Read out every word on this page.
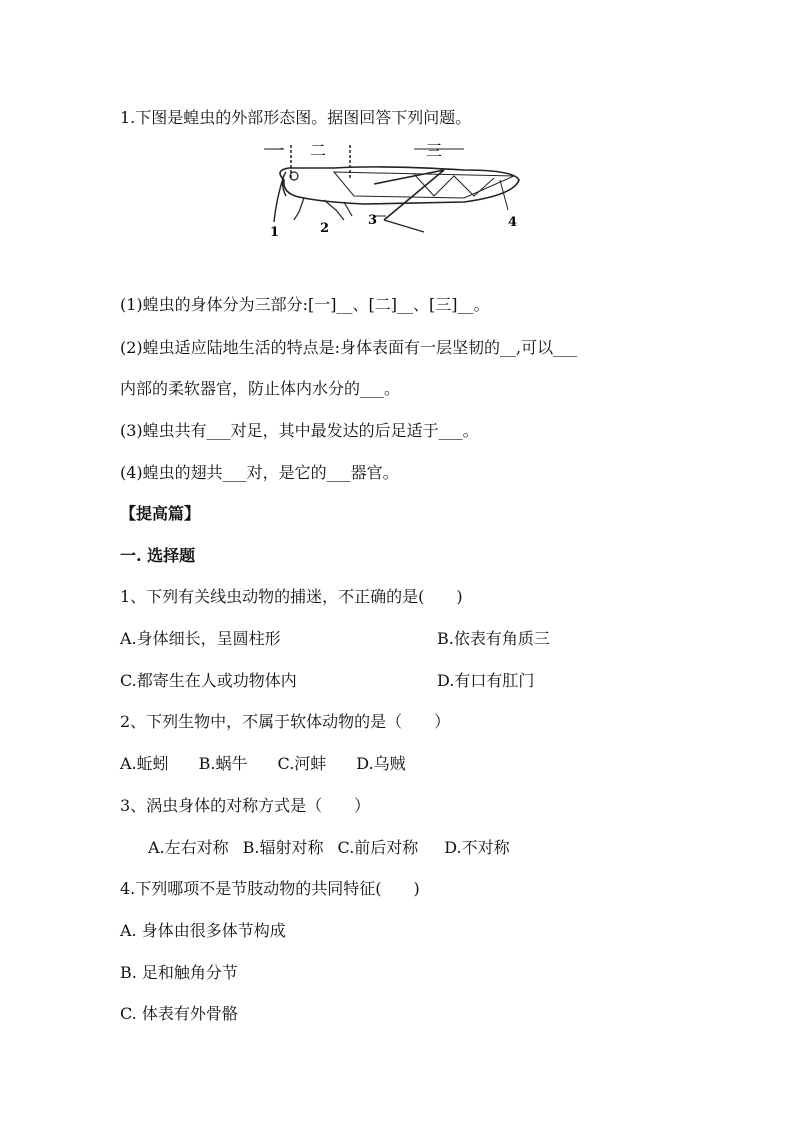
1.下图是蝗虫的外部形态图。据图回答下列问题。
一 二	三
1	2
3	4
(1)蝗虫的身体分为三部分:[一]__、[二]__、[三]__。
(2)蝗虫适应陆地生活的特点是:身体表面有一层坚韧的__,可以___
内部的柔软器官，防止体内水分的___。
(3)蝗虫共有___对足，其中最发达的后足适于___。
(4)蝗虫的翅共___对，是它的___器官。
【提高篇】
一. 选择题
1、下列有关线虫动物的捕迷，不正确的是(　　)
A.身体细长，呈圆柱形	B.依表有角质三
C.都寄生在人或功物体内	D.有口有肛门
2、下列生物中，不属于软体动物的是（　　）
A.蚯蚓 B.蜗牛 C.河蚌 D.乌贼
3、涡虫身体的对称方式是（　　）
A.左右对称 B.辐射对称 C.前后对称 D.不对称
4.下列哪项不是节肢动物的共同特征(　　)
A. 身体由很多体节构成
B. 足和触角分节
C. 体表有外骨骼
